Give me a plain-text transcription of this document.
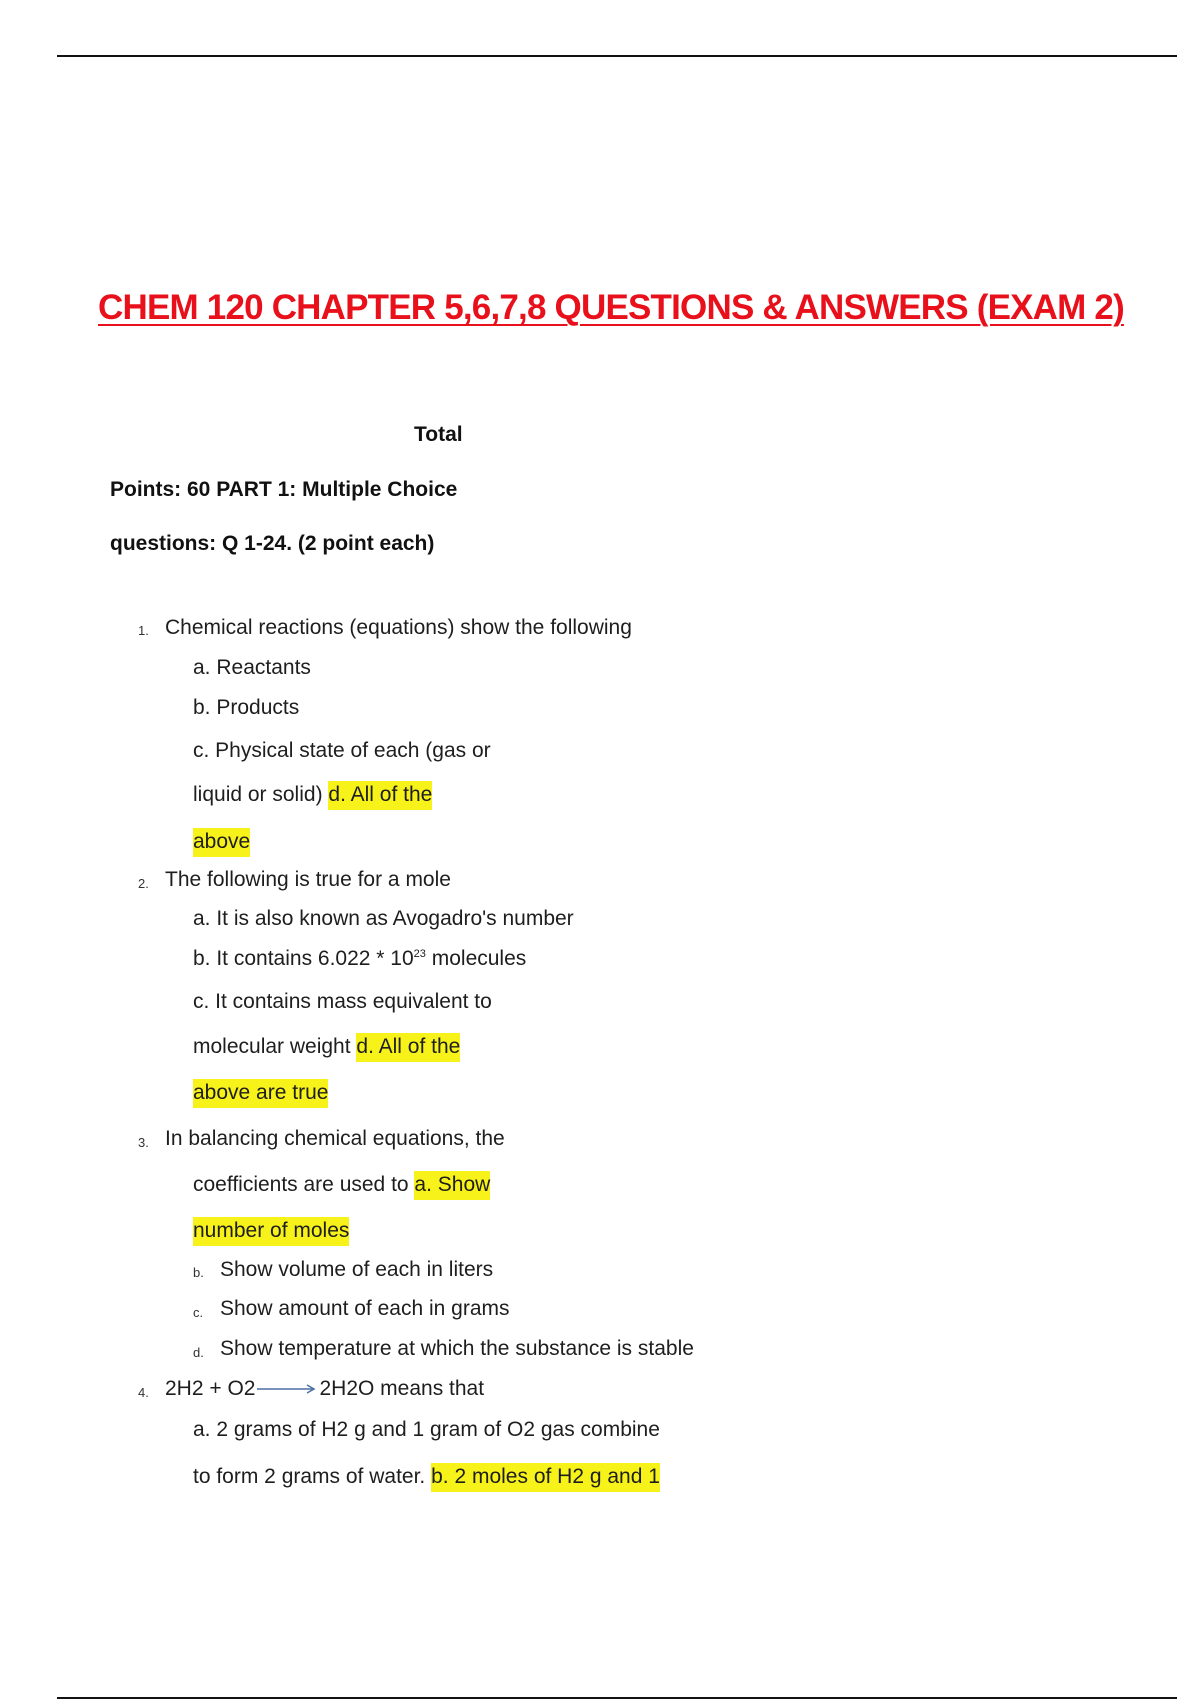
CHEM 120 CHAPTER 5,6,7,8 QUESTIONS & ANSWERS (EXAM 2)
Total
Points: 60 PART 1: Multiple Choice
questions: Q 1-24. (2 point each)
1. Chemical reactions (equations) show the following
a. Reactants
b. Products
c. Physical state of each (gas or
liquid or solid) d. All of the
above
2. The following is true for a mole
a. It is also known as Avogadro's number
b. It contains $6.022 * 10^{23}$ molecules
c. It contains mass equivalent to
molecular weight d. All of the
above are true
3. In balancing chemical equations, the
coefficients are used to a. Show
number of moles
b. Show volume of each in liters
c. Show amount of each in grams
d. Show temperature at which the substance is stable
4. 2H2 + O2 → 2H2O means that
a. 2 grams of H2 g and 1 gram of O2 gas combine
to form 2 grams of water. b. 2 moles of H2 g and 1
